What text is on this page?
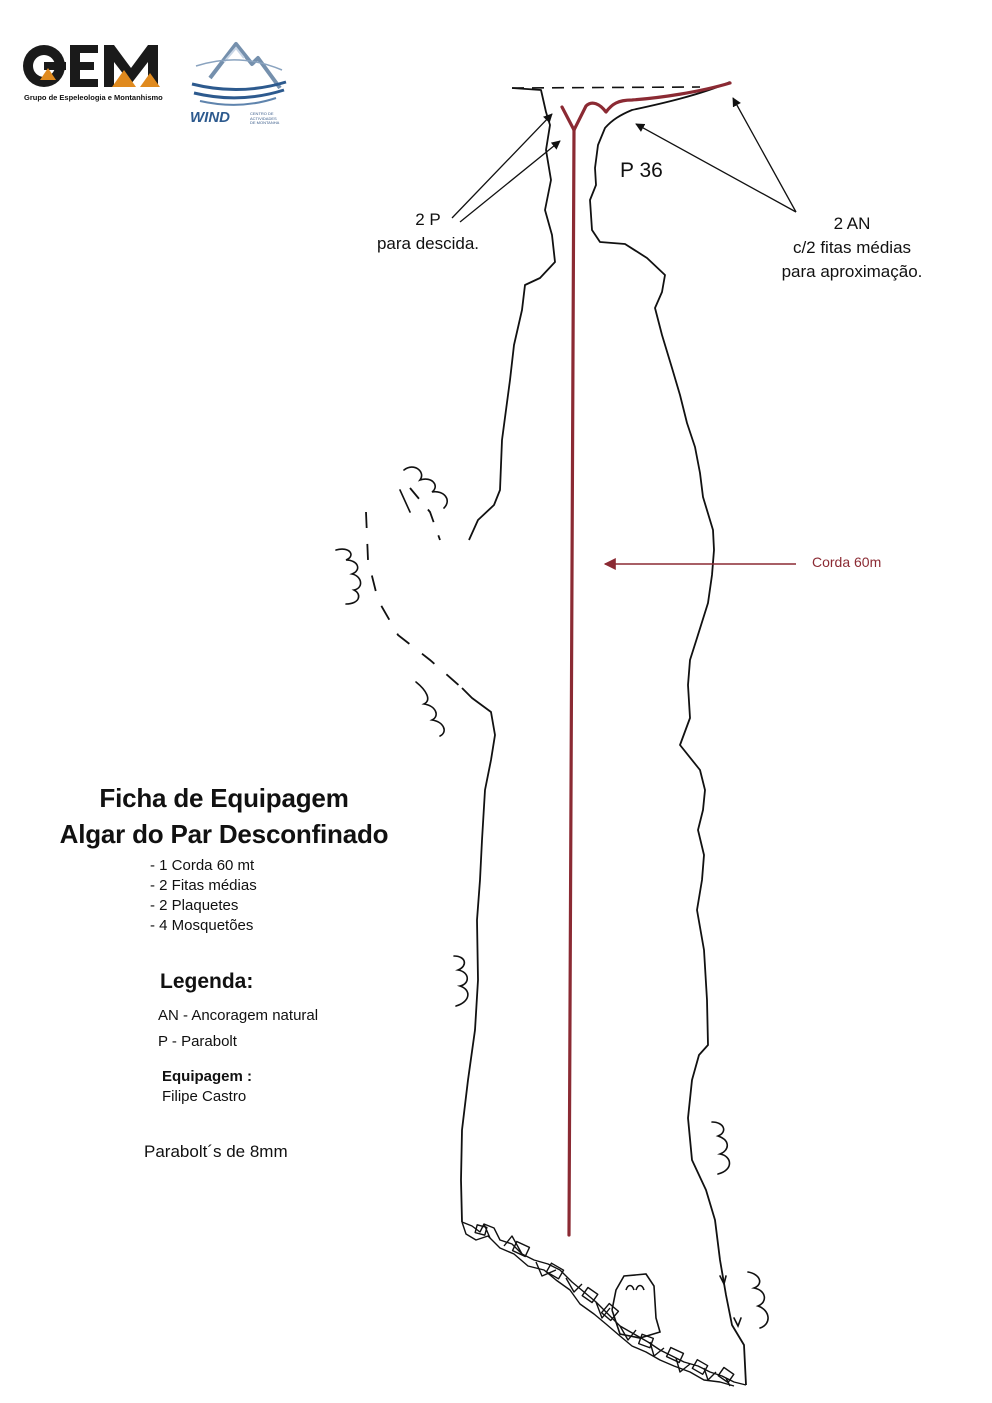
Grupo de Espeleologia e Montanhismo
WIND	CENTRO DE
ACTIVIDADES
DE MONTANHA
P 36
2 P
para descida.
2 AN
c/2 fitas médias
para aproximação.
Corda 60m
Ficha de Equipagem
Algar do Par Desconfinado
- 1 Corda 60 mt
- 2 Fitas médias
- 2 Plaquetes
- 4 Mosquetões
Legenda:
AN - Ancoragem natural
P - Parabolt
Equipagem :
Filipe Castro
Parabolt´s de 8mm
